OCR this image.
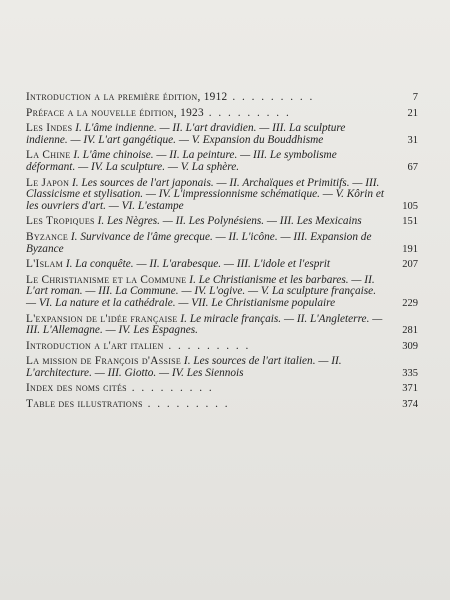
Introduction a la première édition, 1912 . . . . . . . . .	7
Préface a la nouvelle édition, 1923 . . . . . . . . .	21
Les Indes I. L'âme indienne. — II. L'art dravidien. — III. La sculpture indienne. — IV. L'art gangétique. — V. Expansion du Bouddhisme	31
La Chine I. L'âme chinoise. — II. La peinture. — III. Le symbolisme déformant. — IV. La sculpture. — V. La sphère.	67
Le Japon I. Les sources de l'art japonais. — II. Archaïques et Primitifs. — III. Classicisme et stylisation. — IV. L'impressionnisme schématique. — V. Kôrin et les ouvriers d'art. — VI. L'estampe	105
Les Tropiques I. Les Nègres. — II. Les Polynésiens. — III. Les Mexicains	151
Byzance I. Survivance de l'âme grecque. — II. L'icône. — III. Expansion de Byzance	191
L'Islam I. La conquête. — II. L'arabesque. — III. L'idole et l'esprit	207
Le Christianisme et la Commune I. Le Christianisme et les barbares. — II. L'art roman. — III. La Commune. — IV. L'ogive. — V. La sculpture française. — VI. La nature et la cathédrale. — VII. Le Christianisme populaire	229
L'expansion de l'idée française I. Le miracle français. — II. L'Angleterre. — III. L'Allemagne. — IV. Les Espagnes.	281
Introduction a l'art italien . . . . . . . . .	309
La mission de François d'Assise I. Les sources de l'art italien. — II. L'architecture. — III. Giotto. — IV. Les Siennois	335
Index des noms cités . . . . . . . . .	371
Table des illustrations . . . . . . . . .	374
